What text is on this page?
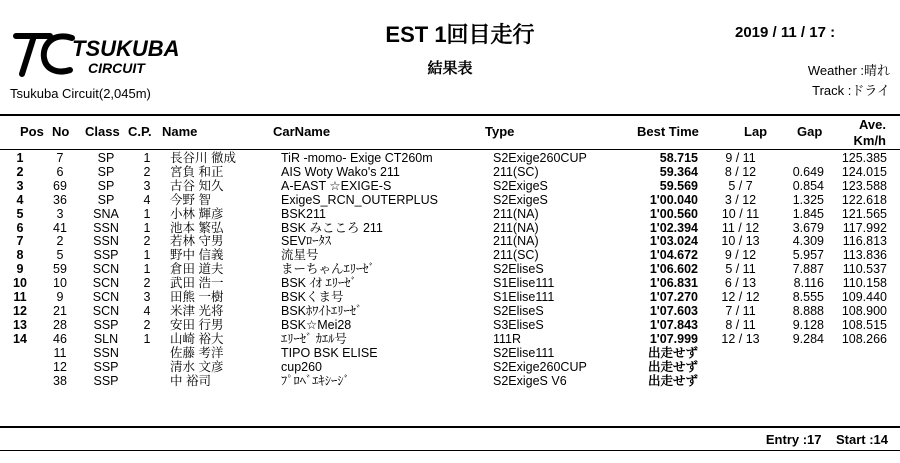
TSUKUBA
CIRCUIT
Tsukuba Circuit(2,045m)
EST 1回目走行
結果表
2019 / 11 / 17 :
Weather :晴れ
Track :ドライ
Pos No Class C.P. Name	CarName	Type	Best Time	Lap Gap	Ave.
Km/h
1	7	SP	1		長谷川 徹成	TiR -momo- Exige CT260m	S2Exige260CUP	58.715	9 / 11		125.385
2	6	SP	2		宮負 和正	AIS Woty Wako's 211	211(SC)	59.364	8 / 12	0.649	124.015
3	69	SP	3		古谷 知久	A-EAST ☆EXIGE-S	S2ExigeS	59.569	5 / 7	0.854	123.588
4	36	SP	4		今野 智	ExigeS_RCN_OUTERPLUS	S2ExigeS	1'00.040	3 / 12	1.325	122.618
5	3	SNA	1		小林 輝彦	BSK211	211(NA)	1'00.560	10 / 11	1.845	121.565
6	41	SSN	1		池本 繁弘	BSK みこころ 211	211(NA)	1'02.394	11 / 12	3.679	117.992
7	2	SSN	2		若林 守男	SEVﾛｰﾀｽ	211(NA)	1'03.024	10 / 13	4.309	116.813
8	5	SSP	1		野中 信義	流星号	211(SC)	1'04.672	9 / 12	5.957	113.836
9	59	SCN	1		倉田 道夫	まーちゃんｴﾘｰｾﾞ	S2EliseS	1'06.602	5 / 11	7.887	110.537
10	10	SCN	2		武田 浩一	BSK ｲｵ ｴﾘｰｾﾞ	S1Elise111	1'06.831	6 / 13	8.116	110.158
11	9	SCN	3		田熊 一樹	BSKくま号	S1Elise111	1'07.270	12 / 12	8.555	109.440
12	21	SCN	4		米津 光将	BSKﾎﾜｲﾄｴﾘｰｾﾞ	S2EliseS	1'07.603	7 / 11	8.888	108.900
13	28	SSP	2		安田 行男	BSK☆Mei28	S3EliseS	1'07.843	8 / 11	9.128	108.515
14	46	SLN	1		山崎 裕大	ｴﾘｰｾﾞ ｶｴﾙ号	111R	1'07.999	12 / 13	9.284	108.266
	11	SSN			佐藤 考洋	TIPO BSK ELISE	S2Elise111	出走せず			
	12	SSP			清水 文彦	cup260	S2Exige260CUP	出走せず			
	38	SSP			中 裕司	ﾌﾟﾛﾍﾞｴｷｼｰｼﾞ	S2ExigeS V6	出走せず			
Entry :17 Start :14
